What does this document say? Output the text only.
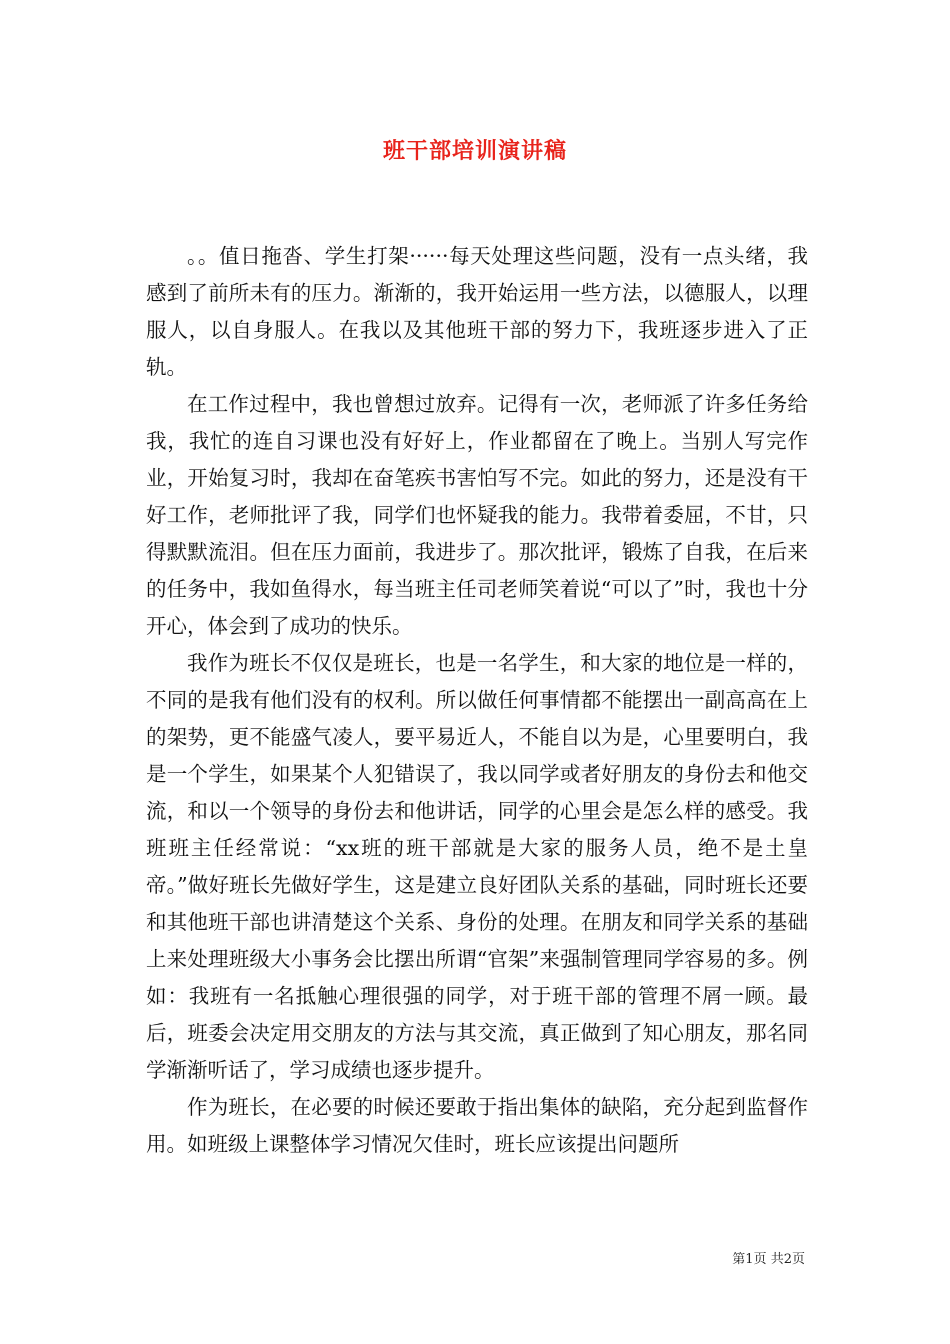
班干部培训演讲稿

。。值日拖沓、学生打架······每天处理这些问题，没有一点头绪，我感到了前所未有的压力。渐渐的，我开始运用一些方法，以德服人，以理服人，以自身服人。在我以及其他班干部的努力下，我班逐步进入了正轨。

在工作过程中，我也曾想过放弃。记得有一次，老师派了许多任务给我，我忙的连自习课也没有好好上，作业都留在了晚上。当别人写完作业，开始复习时，我却在奋笔疾书害怕写不完。如此的努力，还是没有干好工作，老师批评了我，同学们也怀疑我的能力。我带着委屈，不甘，只得默默流泪。但在压力面前，我进步了。那次批评，锻炼了自我，在后来的任务中，我如鱼得水，每当班主任司老师笑着说“可以了”时，我也十分开心，体会到了成功的快乐。

我作为班长不仅仅是班长，也是一名学生，和大家的地位是一样的，不同的是我有他们没有的权利。所以做任何事情都不能摆出一副高高在上的架势，更不能盛气凌人，要平易近人，不能自以为是，心里要明白，我是一个学生，如果某个人犯错误了，我以同学或者好朋友的身份去和他交流，和以一个领导的身份去和他讲话，同学的心里会是怎么样的感受。我班班主任经常说：“xx班的班干部就是大家的服务人员，绝不是土皇帝。”做好班长先做好学生，这是建立良好团队关系的基础，同时班长还要和其他班干部也讲清楚这个关系、身份的处理。在朋友和同学关系的基础上来处理班级大小事务会比摆出所谓“官架”来强制管理同学容易的多。例如：我班有一名抵触心理很强的同学，对于班干部的管理不屑一顾。最后，班委会决定用交朋友的方法与其交流，真正做到了知心朋友，那名同学渐渐听话了，学习成绩也逐步提升。

作为班长，在必要的时候还要敢于指出集体的缺陷，充分起到监督作用。如班级上课整体学习情况欠佳时，班长应该提出问题所

第1页 共2页
